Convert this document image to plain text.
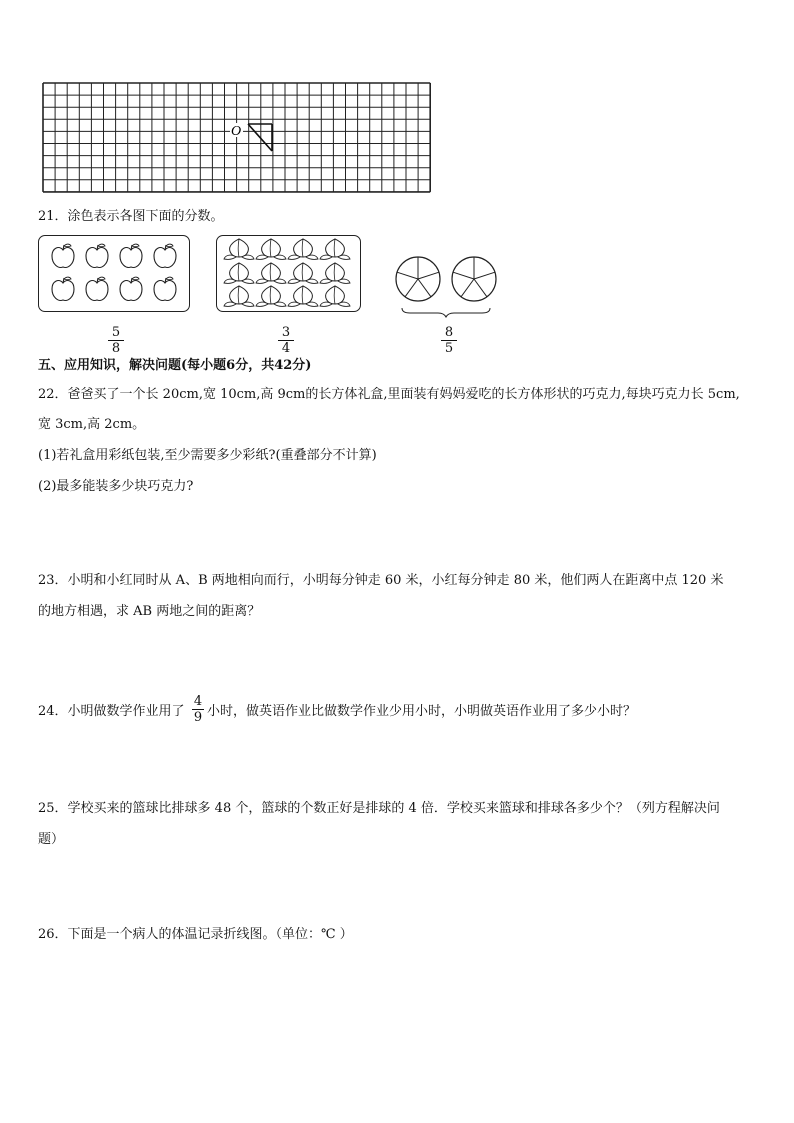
O
21．涂色表示各图下面的分数。
5
8
3
4
8
5
五、应用知识，解决问题(每小题6分，共42分)
22．爸爸买了一个长 20cm,宽 10cm,高 9cm的长方体礼盒,里面装有妈妈爱吃的长方体形状的巧克力,每块巧克力长 5cm,
宽 3cm,高 2cm。
(1)若礼盒用彩纸包装,至少需要多少彩纸?(重叠部分不计算)
(2)最多能装多少块巧克力?
23．小明和小红同时从 A、B 两地相向而行，小明每分钟走 60 米，小红每分钟走 80 米，他们两人在距离中点 120 米
的地方相遇，求 AB 两地之间的距离？
24．小明做数学作业用了
4
9 小时，做英语作业比做数学作业少用小时，小明做英语作业用了多少小时？
25．学校买来的篮球比排球多 48 个，篮球的个数正好是排球的 4 倍．学校买来篮球和排球各多少个？（列方程解决问
题）
26．下面是一个病人的体温记录折线图。（单位：℃ ）
